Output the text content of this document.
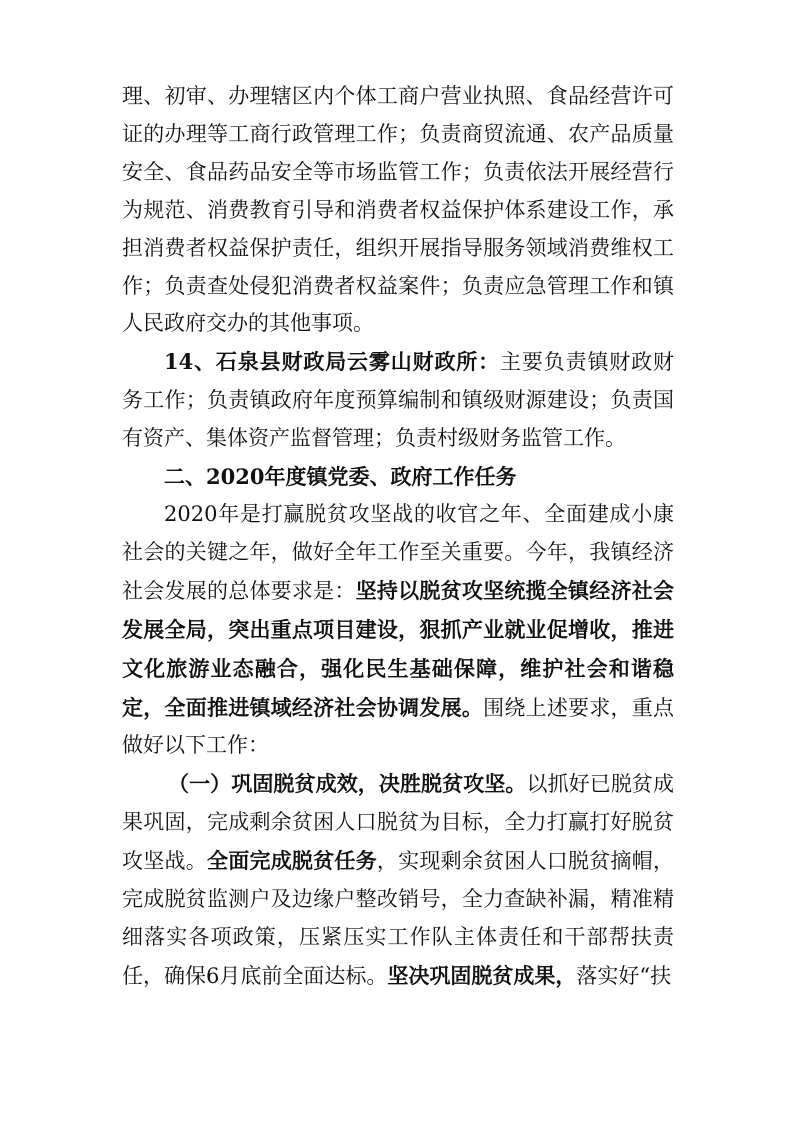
理、初审、办理辖区内个体工商户营业执照、食品经营许可证的办理等工商行政管理工作；负责商贸流通、农产品质量安全、食品药品安全等市场监管工作；负责依法开展经营行为规范、消费教育引导和消费者权益保护体系建设工作，承担消费者权益保护责任，组织开展指导服务领域消费维权工作；负责查处侵犯消费者权益案件；负责应急管理工作和镇人民政府交办的其他事项。

14、石泉县财政局云雾山财政所：主要负责镇财政财务工作；负责镇政府年度预算编制和镇级财源建设；负责国有资产、集体资产监督管理；负责村级财务监管工作。

二、2020年度镇党委、政府工作任务

2020年是打赢脱贫攻坚战的收官之年、全面建成小康社会的关键之年，做好全年工作至关重要。今年，我镇经济社会发展的总体要求是：坚持以脱贫攻坚统揽全镇经济社会发展全局，突出重点项目建设，狠抓产业就业促增收，推进文化旅游业态融合，强化民生基础保障，维护社会和谐稳定，全面推进镇域经济社会协调发展。围绕上述要求，重点做好以下工作：

（一）巩固脱贫成效，决胜脱贫攻坚。以抓好已脱贫成果巩固，完成剩余贫困人口脱贫为目标，全力打赢打好脱贫攻坚战。全面完成脱贫任务，实现剩余贫困人口脱贫摘帽，完成脱贫监测户及边缘户整改销号，全力查缺补漏，精准精细落实各项政策，压紧压实工作队主体责任和干部帮扶责任，确保6月底前全面达标。坚决巩固脱贫成果，落实好“扶
